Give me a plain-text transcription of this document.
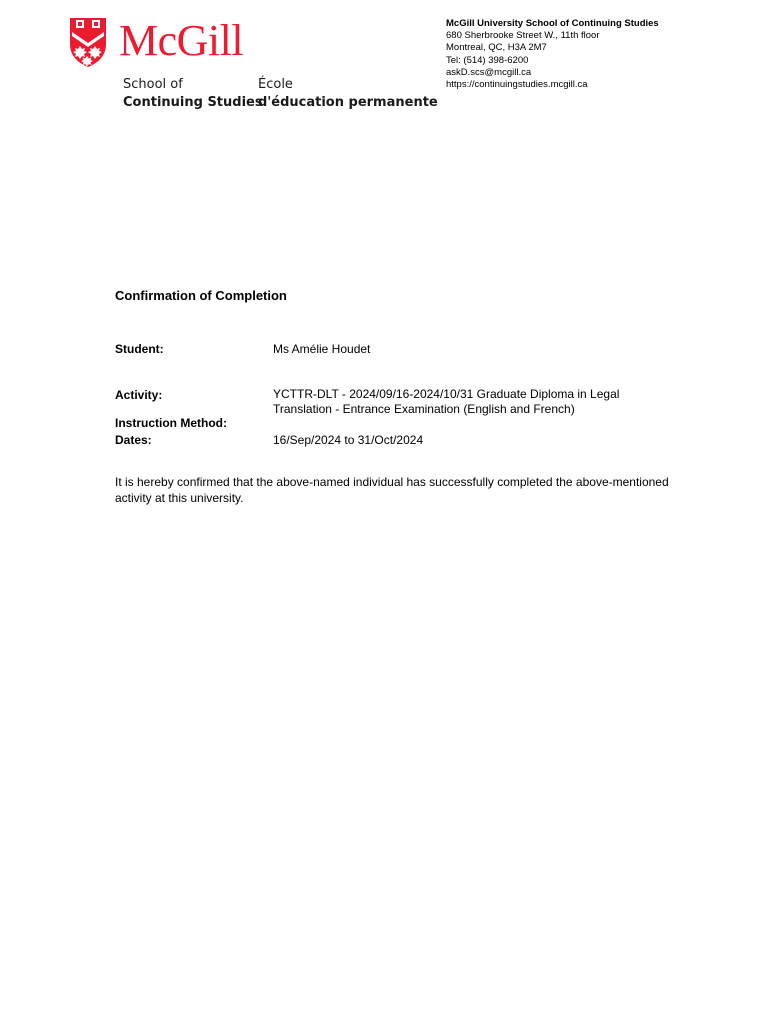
McGill
School of
Continuing Studies
École
d'éducation permanente
McGill University School of Continuing Studies
680 Sherbrooke Street W., 11th floor
Montreal, QC, H3A 2M7
Tel: (514) 398-6200
askD.scs@mcgill.ca
https://continuingstudies.mcgill.ca
Confirmation of Completion
Student:	Ms Amélie Houdet
Activity:	YCTTR-DLT - 2024/09/16-2024/10/31 Graduate Diploma in Legal
Translation - Entrance Examination (English and French)
Instruction Method:
Dates:	16/Sep/2024 to 31/Oct/2024
It is hereby confirmed that the above-named individual has successfully completed the above-mentioned
activity at this university.
